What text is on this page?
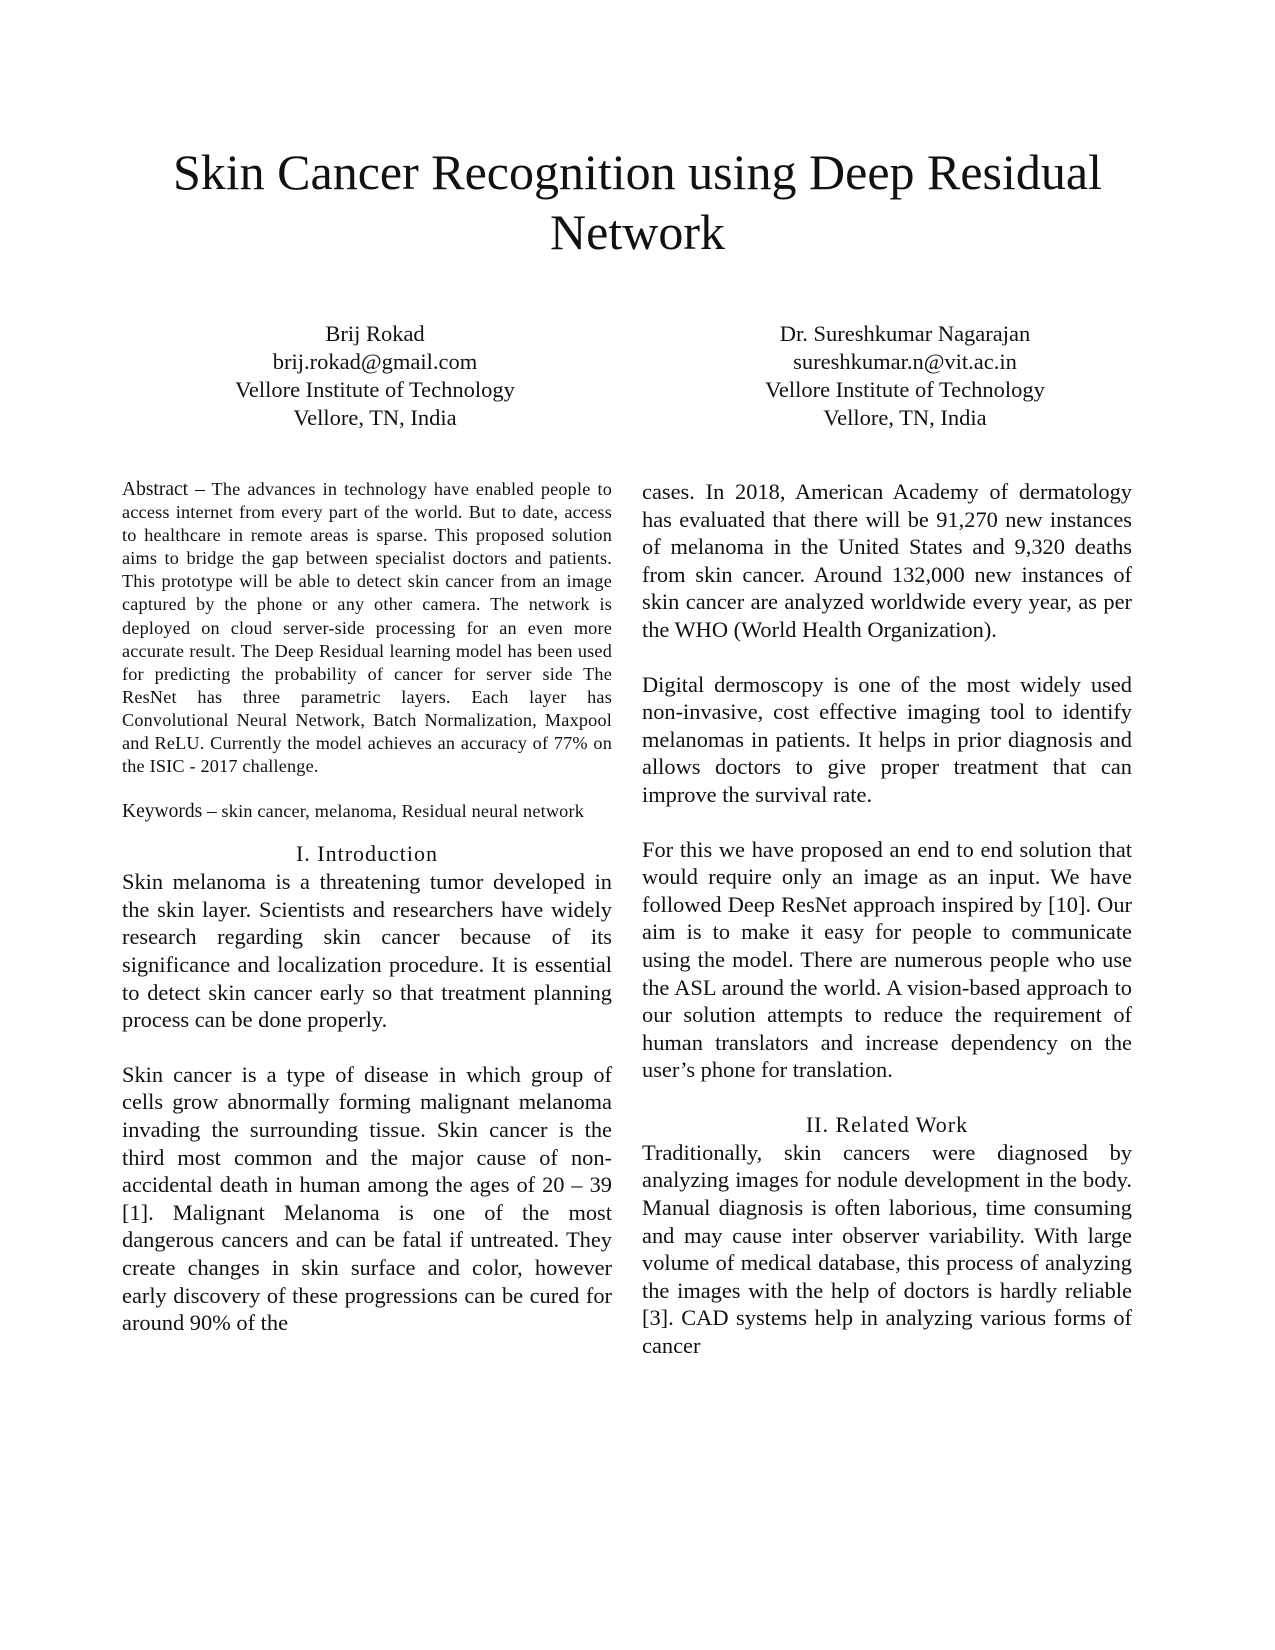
Skin Cancer Recognition using Deep Residual Network
Brij Rokad
brij.rokad@gmail.com
Vellore Institute of Technology
Vellore, TN, India
Dr. Sureshkumar Nagarajan
sureshkumar.n@vit.ac.in
Vellore Institute of Technology
Vellore, TN, India

Abstract – The advances in technology have enabled people to access internet from every part of the world. But to date, access to healthcare in remote areas is sparse. This proposed solution aims to bridge the gap between specialist doctors and patients. This prototype will be able to detect skin cancer from an image captured by the phone or any other camera. The network is deployed on cloud server-side processing for an even more accurate result. The Deep Residual learning model has been used for predicting the probability of cancer for server side The ResNet has three parametric layers. Each layer has Convolutional Neural Network, Batch Normalization, Maxpool and ReLU. Currently the model achieves an accuracy of 77% on the ISIC - 2017 challenge.

Keywords – skin cancer, melanoma, Residual neural network

I. Introduction

Skin melanoma is a threatening tumor developed in the skin layer. Scientists and researchers have widely research regarding skin cancer because of its significance and localization procedure. It is essential to detect skin cancer early so that treatment planning process can be done properly.

Skin cancer is a type of disease in which group of cells grow abnormally forming malignant melanoma invading the surrounding tissue. Skin cancer is the third most common and the major cause of non-accidental death in human among the ages of 20 – 39 [1]. Malignant Melanoma is one of the most dangerous cancers and can be fatal if untreated. They create changes in skin surface and color, however early discovery of these progressions can be cured for around 90% of the

cases. In 2018, American Academy of dermatology has evaluated that there will be 91,270 new instances of melanoma in the United States and 9,320 deaths from skin cancer. Around 132,000 new instances of skin cancer are analyzed worldwide every year, as per the WHO (World Health Organization).

Digital dermoscopy is one of the most widely used non-invasive, cost effective imaging tool to identify melanomas in patients. It helps in prior diagnosis and allows doctors to give proper treatment that can improve the survival rate.

For this we have proposed an end to end solution that would require only an image as an input. We have followed Deep ResNet approach inspired by [10]. Our aim is to make it easy for people to communicate using the model. There are numerous people who use the ASL around the world. A vision-based approach to our solution attempts to reduce the requirement of human translators and increase dependency on the user’s phone for translation.

II. Related Work

Traditionally, skin cancers were diagnosed by analyzing images for nodule development in the body. Manual diagnosis is often laborious, time consuming and may cause inter observer variability. With large volume of medical database, this process of analyzing the images with the help of doctors is hardly reliable [3]. CAD systems help in analyzing various forms of cancer
